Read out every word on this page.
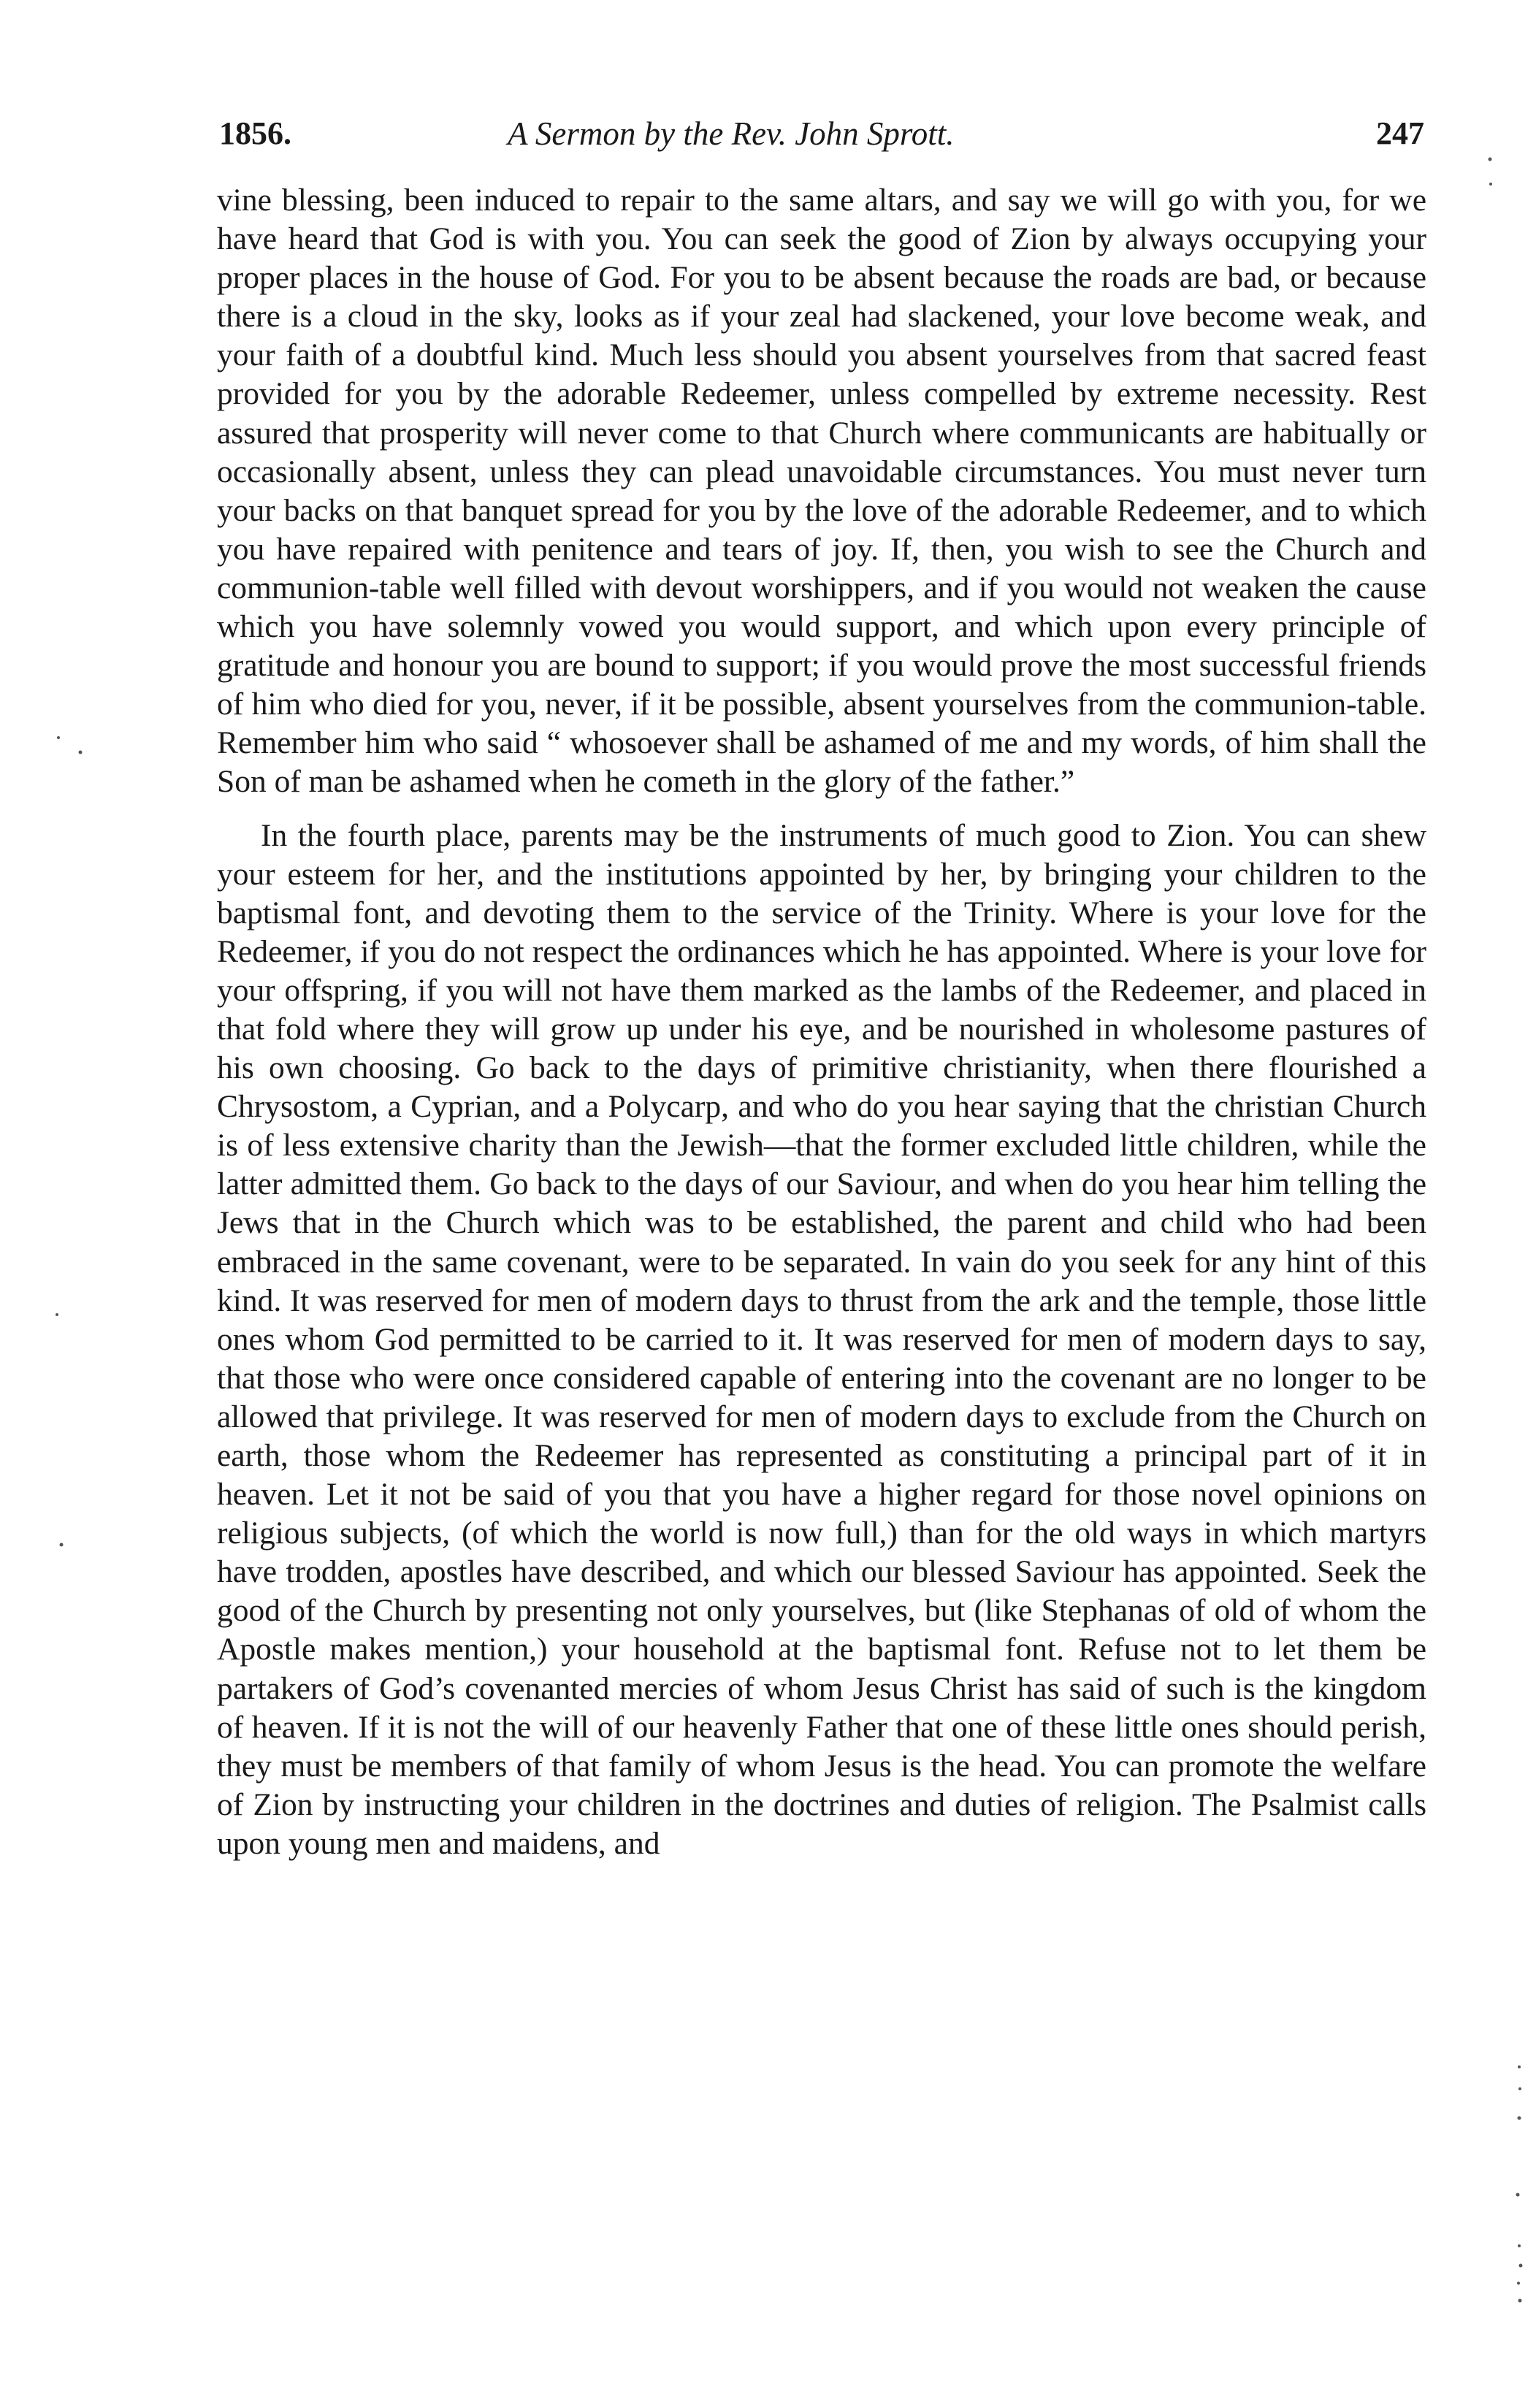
1856.	A Sermon by the Rev. John Sprott.	247

vine blessing, been induced to repair to the same altars, and say we will go with you, for we have heard that God is with you. You can seek the good of Zion by always occupying your proper places in the house of God. For you to be absent because the roads are bad, or because there is a cloud in the sky, looks as if your zeal had slackened, your love become weak, and your faith of a doubtful kind. Much less should you absent yourselves from that sacred feast provided for you by the adorable Redeemer, unless compelled by extreme necessity. Rest assured that prosperity will never come to that Church where communicants are habitually or occasionally absent, unless they can plead unavoidable circumstances. You must never turn your backs on that banquet spread for you by the love of the adorable Redeemer, and to which you have repaired with penitence and tears of joy. If, then, you wish to see the Church and communion-table well filled with devout worshippers, and if you would not weaken the cause which you have solemnly vowed you would support, and which upon every principle of gratitude and honour you are bound to support; if you would prove the most successful friends of him who died for you, never, if it be possible, absent yourselves from the communion-table. Remember him who said “ whosoever shall be ashamed of me and my words, of him shall the Son of man be ashamed when he cometh in the glory of the father.”

In the fourth place, parents may be the instruments of much good to Zion. You can shew your esteem for her, and the institutions appointed by her, by bringing your children to the baptismal font, and devoting them to the service of the Trinity. Where is your love for the Redeemer, if you do not respect the ordinances which he has appointed. Where is your love for your offspring, if you will not have them marked as the lambs of the Redeemer, and placed in that fold where they will grow up under his eye, and be nourished in wholesome pastures of his own choosing. Go back to the days of primitive christianity, when there flourished a Chrysostom, a Cyprian, and a Polycarp, and who do you hear saying that the christian Church is of less extensive charity than the Jewish—that the former excluded little children, while the latter admitted them. Go back to the days of our Saviour, and when do you hear him telling the Jews that in the Church which was to be established, the parent and child who had been embraced in the same covenant, were to be separated. In vain do you seek for any hint of this kind. It was reserved for men of modern days to thrust from the ark and the temple, those little ones whom God permitted to be carried to it. It was reserved for men of modern days to say, that those who were once considered capable of entering into the covenant are no longer to be allowed that privilege. It was reserved for men of modern days to exclude from the Church on earth, those whom the Redeemer has represented as constituting a principal part of it in heaven. Let it not be said of you that you have a higher regard for those novel opinions on religious subjects, (of which the world is now full,) than for the old ways in which martyrs have trodden, apostles have described, and which our blessed Saviour has appointed. Seek the good of the Church by presenting not only yourselves, but (like Stephanas of old of whom the Apostle makes mention,) your household at the baptismal font. Refuse not to let them be partakers of God’s covenanted mercies of whom Jesus Christ has said of such is the kingdom of heaven. If it is not the will of our heavenly Father that one of these little ones should perish, they must be members of that family of whom Jesus is the head. You can promote the welfare of Zion by instructing your children in the doctrines and duties of religion. The Psalmist calls upon young men and maidens, and
